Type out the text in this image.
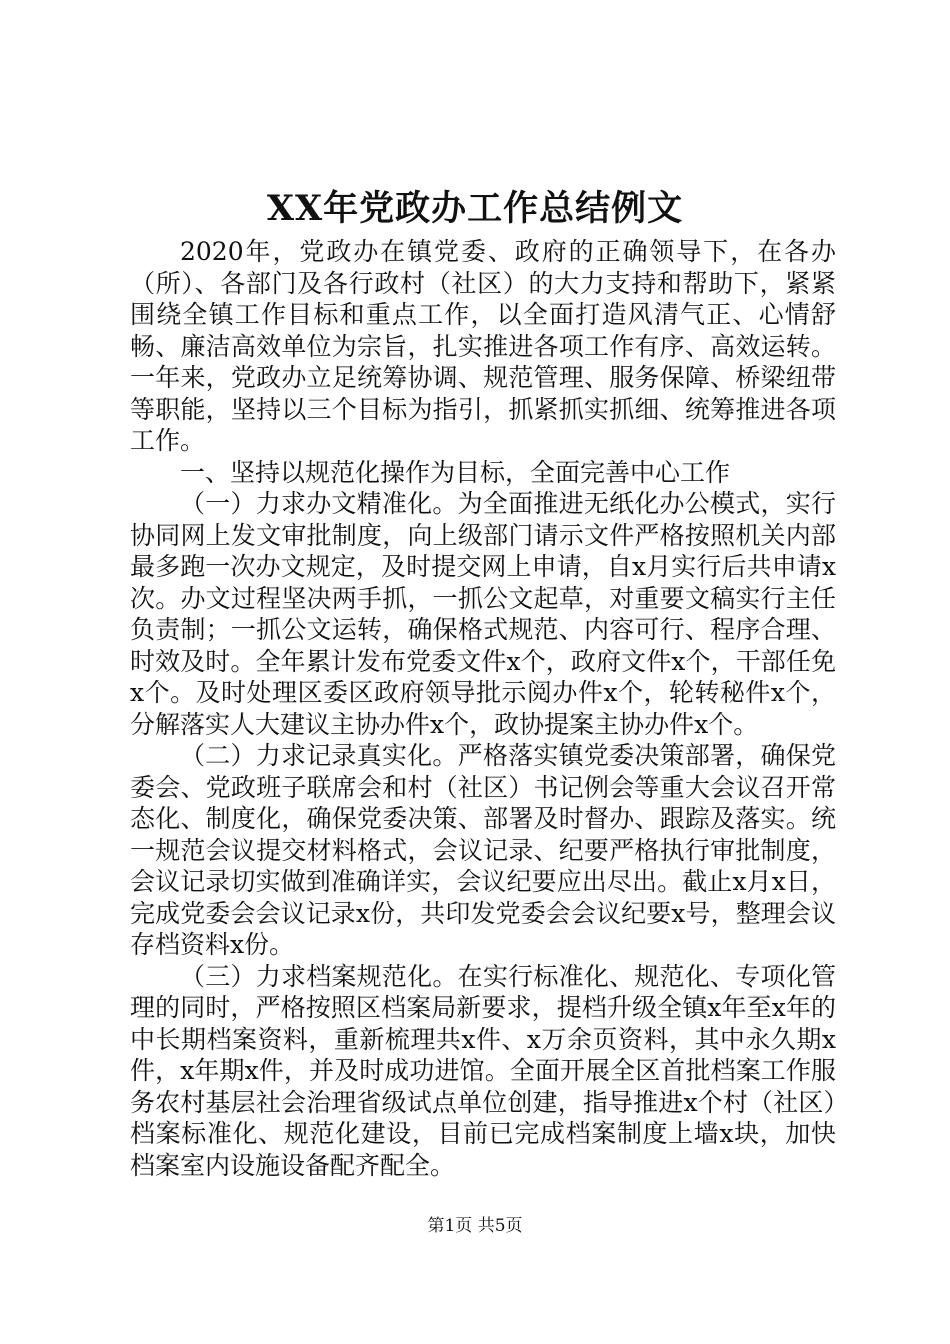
XX年党政办工作总结例文

2020年，党政办在镇党委、政府的正确领导下，在各办（所）、各部门及各行政村（社区）的大力支持和帮助下，紧紧围绕全镇工作目标和重点工作，以全面打造风清气正、心情舒畅、廉洁高效单位为宗旨，扎实推进各项工作有序、高效运转。一年来，党政办立足统筹协调、规范管理、服务保障、桥梁纽带等职能，坚持以三个目标为指引，抓紧抓实抓细、统筹推进各项工作。

一、坚持以规范化操作为目标，全面完善中心工作

（一）力求办文精准化。为全面推进无纸化办公模式，实行协同网上发文审批制度，向上级部门请示文件严格按照机关内部最多跑一次办文规定，及时提交网上申请，自x月实行后共申请x次。办文过程坚决两手抓，一抓公文起草，对重要文稿实行主任负责制；一抓公文运转，确保格式规范、内容可行、程序合理、时效及时。全年累计发布党委文件x个，政府文件x个，干部任免x个。及时处理区委区政府领导批示阅办件x个，轮转秘件x个，分解落实人大建议主协办件x个，政协提案主协办件x个。

（二）力求记录真实化。严格落实镇党委决策部署，确保党委会、党政班子联席会和村（社区）书记例会等重大会议召开常态化、制度化，确保党委决策、部署及时督办、跟踪及落实。统一规范会议提交材料格式，会议记录、纪要严格执行审批制度，会议记录切实做到准确详实，会议纪要应出尽出。截止x月x日，完成党委会会议记录x份，共印发党委会会议纪要x号，整理会议存档资料x份。

（三）力求档案规范化。在实行标准化、规范化、专项化管理的同时，严格按照区档案局新要求，提档升级全镇x年至x年的中长期档案资料，重新梳理共x件、x万余页资料，其中永久期x件，x年期x件，并及时成功进馆。全面开展全区首批档案工作服务农村基层社会治理省级试点单位创建，指导推进x个村（社区）档案标准化、规范化建设，目前已完成档案制度上墙x块，加快档案室内设施设备配齐配全。

第1页 共5页
